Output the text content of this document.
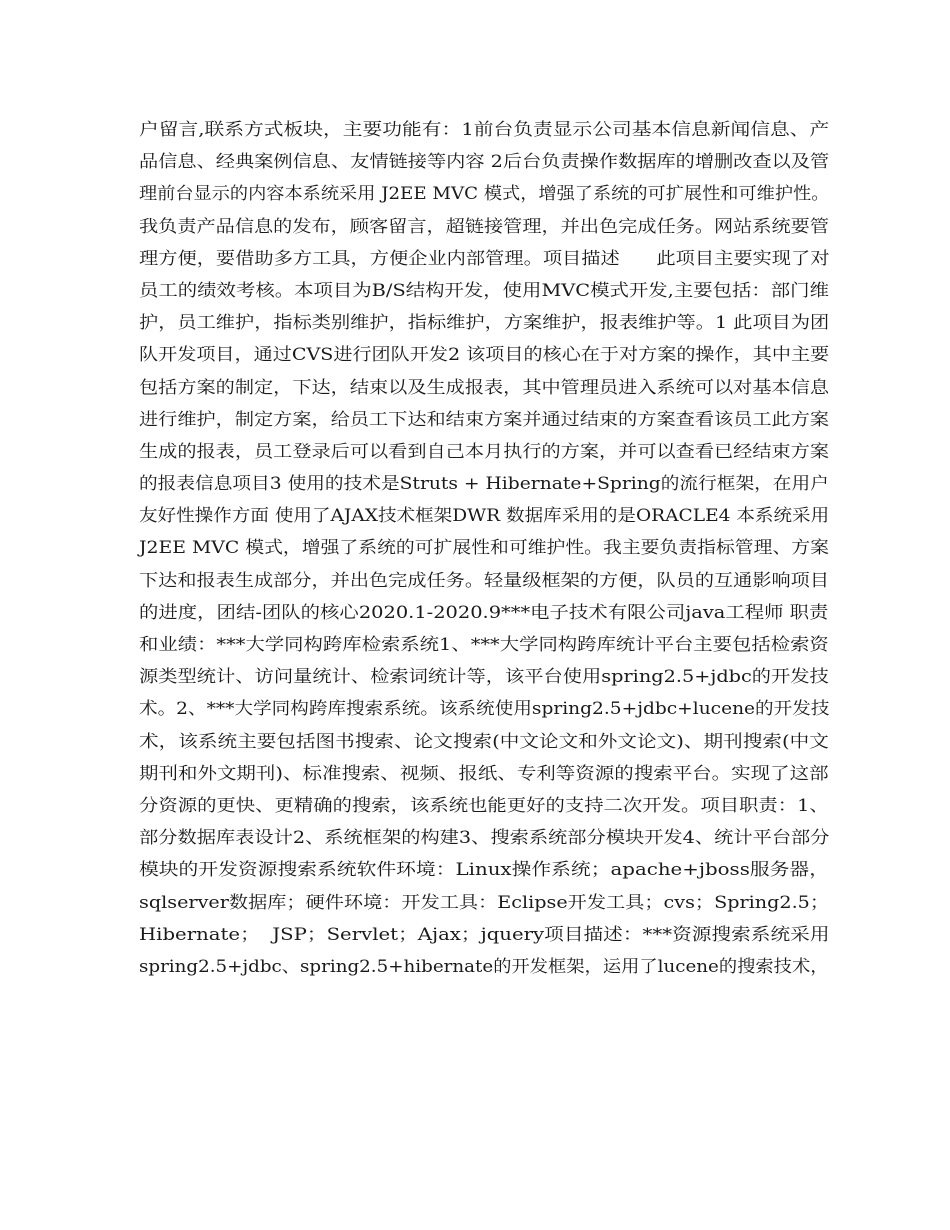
户留言,联系方式板块，主要功能有：1前台负责显示公司基本信息新闻信息、产
品信息、经典案例信息、友情链接等内容 2后台负责操作数据库的增删改查以及管
理前台显示的内容本系统采用 J2EE MVC 模式，增强了系统的可扩展性和可维护性。
我负责产品信息的发布，顾客留言，超链接管理，并出色完成任务。网站系统要管
理方便，要借助多方工具，方便企业内部管理。项目描述      此项目主要实现了对
员工的绩效考核。本项目为B/S结构开发，使用MVC模式开发,主要包括：部门维
护，员工维护，指标类别维护，指标维护，方案维护，报表维护等。1 此项目为团
队开发项目，通过CVS进行团队开发2 该项目的核心在于对方案的操作，其中主要
包括方案的制定，下达，结束以及生成报表，其中管理员进入系统可以对基本信息
进行维护，制定方案，给员工下达和结束方案并通过结束的方案查看该员工此方案
生成的报表，员工登录后可以看到自己本月执行的方案，并可以查看已经结束方案
的报表信息项目3 使用的技术是Struts + Hibernate+Spring的流行框架，在用户
友好性操作方面 使用了AJAX技术框架DWR 数据库采用的是ORACLE4 本系统采用
J2EE MVC 模式，增强了系统的可扩展性和可维护性。我主要负责指标管理、方案
下达和报表生成部分，并出色完成任务。轻量级框架的方便，队员的互通影响项目
的进度，团结-团队的核心2020.1-2020.9***电子技术有限公司java工程师 职责
和业绩：***大学同构跨库检索系统1、***大学同构跨库统计平台主要包括检索资
源类型统计、访问量统计、检索词统计等，该平台使用spring2.5+jdbc的开发技
术。2、***大学同构跨库搜索系统。该系统使用spring2.5+jdbc+lucene的开发技
术，该系统主要包括图书搜索、论文搜索(中文论文和外文论文)、期刊搜索(中文
期刊和外文期刊)、标准搜索、视频、报纸、专利等资源的搜索平台。实现了这部
分资源的更快、更精确的搜索，该系统也能更好的支持二次开发。项目职责：1、
部分数据库表设计2、系统框架的构建3、搜索系统部分模块开发4、统计平台部分
模块的开发资源搜索系统软件环境：Linux操作系统；apache+jboss服务器，
sqlserver数据库；硬件环境：开发工具：Eclipse开发工具；cvs；Spring2.5；
Hibernate；  JSP；Servlet；Ajax；jquery项目描述：***资源搜索系统采用
spring2.5+jdbc、spring2.5+hibernate的开发框架，运用了lucene的搜索技术，
